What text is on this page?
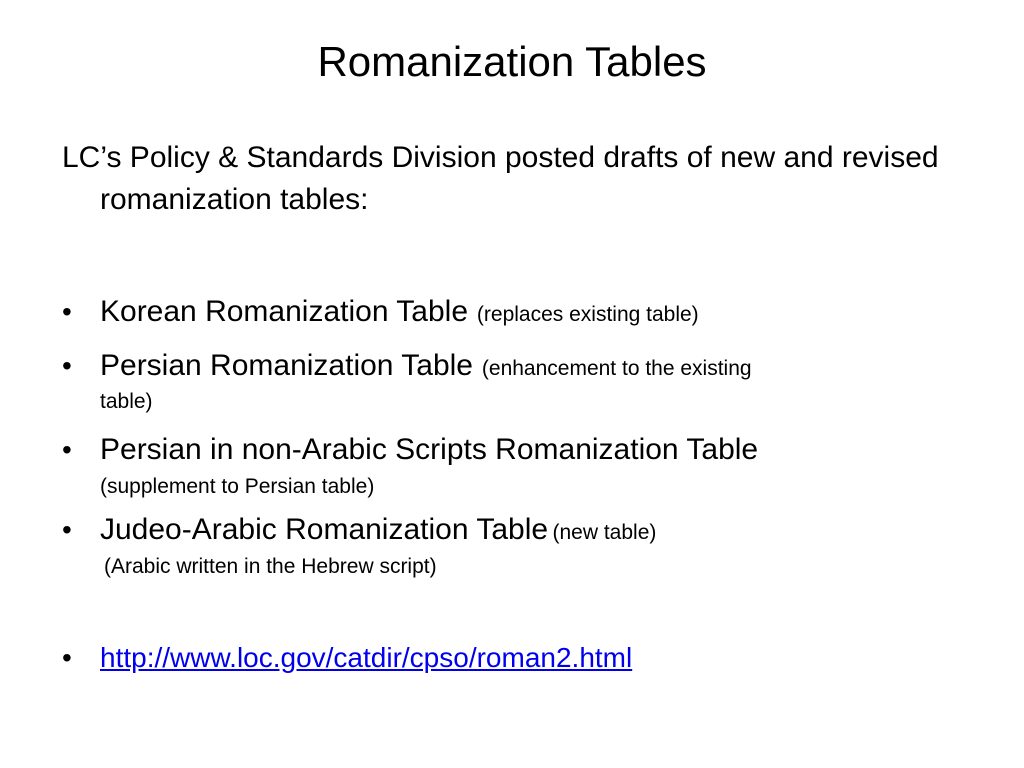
Romanization Tables
LC’s Policy & Standards Division posted drafts of new and revised romanization tables:
• Korean Romanization Table (replaces existing table)
• Persian Romanization Table (enhancement to the existing
table)
• Persian in non-Arabic Scripts Romanization Table
(supplement to Persian table)
• Judeo-Arabic Romanization Table (new table)
(Arabic written in the Hebrew script)
• http://www.loc.gov/catdir/cpso/roman2.html
